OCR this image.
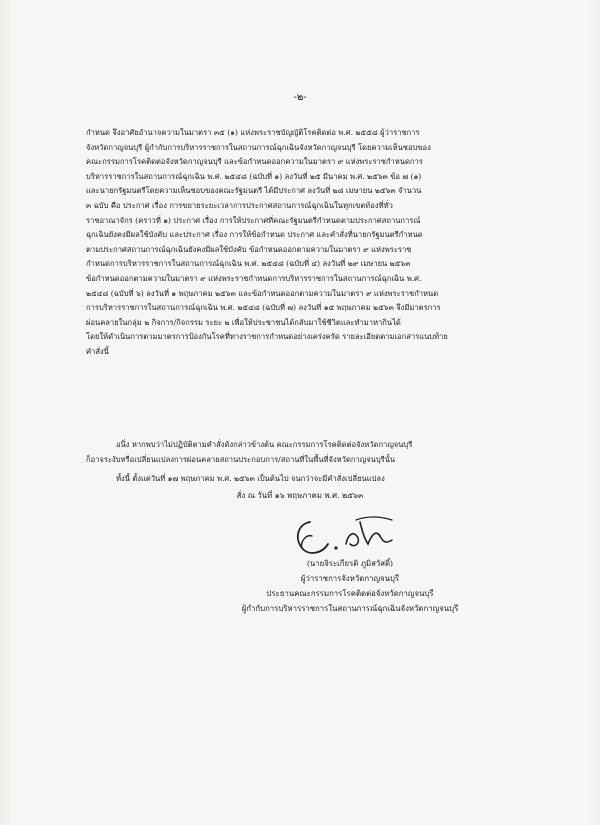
-๒-
กำหนด จึงอาศัยอำนาจความในมาตรา ๓๕ (๑) แห่งพระราชบัญญัติโรคติดต่อ พ.ศ. ๒๕๕๘ ผู้ว่าราชการ
จังหวัดกาญจนบุรี ผู้กำกับการบริหารราชการในสถานการณ์ฉุกเฉินจังหวัดกาญจนบุรี โดยความเห็นชอบของ
คณะกรรมการโรคติดต่อจังหวัดกาญจนบุรี และข้อกำหนดออกความในมาตรา ๙ แห่งพระราชกำหนดการ
บริหารราชการในสถานการณ์ฉุกเฉิน พ.ศ. ๒๕๔๘ (ฉบับที่ ๑) ลงวันที่ ๒๕ มีนาคม พ.ศ. ๒๕๖๓ ข้อ ๗ (๑)
และนายกรัฐมนตรีโดยความเห็นชอบของคณะรัฐมนตรี ได้มีประกาศ ลงวันที่ ๒๘ เมษายน ๒๕๖๓ จำนวน
๓ ฉบับ คือ ประกาศ เรื่อง การขยายระยะเวลาการประกาศสถานการณ์ฉุกเฉินในทุกเขตท้องที่ทั่ว
ราชอาณาจักร (คราวที่ ๑) ประกาศ เรื่อง การให้ประกาศที่คณะรัฐมนตรีกำหนดตามประกาศสถานการณ์
ฉุกเฉินยังคงมีผลใช้บังคับ และประกาศ เรื่อง การให้ข้อกำหนด ประกาศ และคำสั่งที่นายกรัฐมนตรีกำหนด
ตามประกาศสถานการณ์ฉุกเฉินยังคงมีผลใช้บังคับ ข้อกำหนดออกตามความในมาตรา ๙ แห่งพระราช
กำหนดการบริหารราชการในสถานการณ์ฉุกเฉิน พ.ศ. ๒๕๔๘ (ฉบับที่ ๔) ลงวันที่ ๒๙ เมษายน ๒๕๖๓
ข้อกำหนดออกตามความในมาตรา ๙ แห่งพระราชกำหนดการบริหารราชการในสถานการณ์ฉุกเฉิน พ.ศ.
๒๕๔๘ (ฉบับที่ ๖) ลงวันที่ ๑ พฤษภาคม ๒๕๖๓ และข้อกำหนดออกตามความในมาตรา ๙ แห่งพระราชกำหนด
การบริหารราชการในสถานการณ์ฉุกเฉิน พ.ศ. ๒๕๔๘ (ฉบับที่ ๗) ลงวันที่ ๑๕ พฤษภาคม ๒๕๖๓ จึงมีมาตรการ
ผ่อนคลายในกลุ่ม ๒ กิจการ/กิจกรรม ระยะ ๒ เพื่อให้ประชาชนได้กลับมาใช้ชีวิตและทำมาหากินได้
โดยให้ดำเนินการตามมาตรการป้องกันโรคที่ทางราชการกำหนดอย่างเคร่งครัด รายละเอียดตามเอกสารแนบท้าย
คำสั่งนี้
อนึ่ง หากพบว่าไม่ปฏิบัติตามคำสั่งดังกล่าวข้างต้น คณะกรรมการโรคติดต่อจังหวัดกาญจนบุรี
ก็อาจระงับหรือเปลี่ยนแปลงการผ่อนคลายสถานประกอบการ/สถานที่ในพื้นที่จังหวัดกาญจนบุรีนั้น
ทั้งนี้ ตั้งแต่วันที่ ๑๗ พฤษภาคม พ.ศ. ๒๕๖๓ เป็นต้นไป จนกว่าจะมีคำสั่งเปลี่ยนแปลง
สั่ง ณ วันที่ ๑๖ พฤษภาคม พ.ศ. ๒๕๖๓
(นายจิระเกียรติ ภูมิสวัสดิ์)
ผู้ว่าราชการจังหวัดกาญจนบุรี
ประธานคณะกรรมการโรคติดต่อจังหวัดกาญจนบุรี
ผู้กำกับการบริหารราชการในสถานการณ์ฉุกเฉินจังหวัดกาญจนบุรี
